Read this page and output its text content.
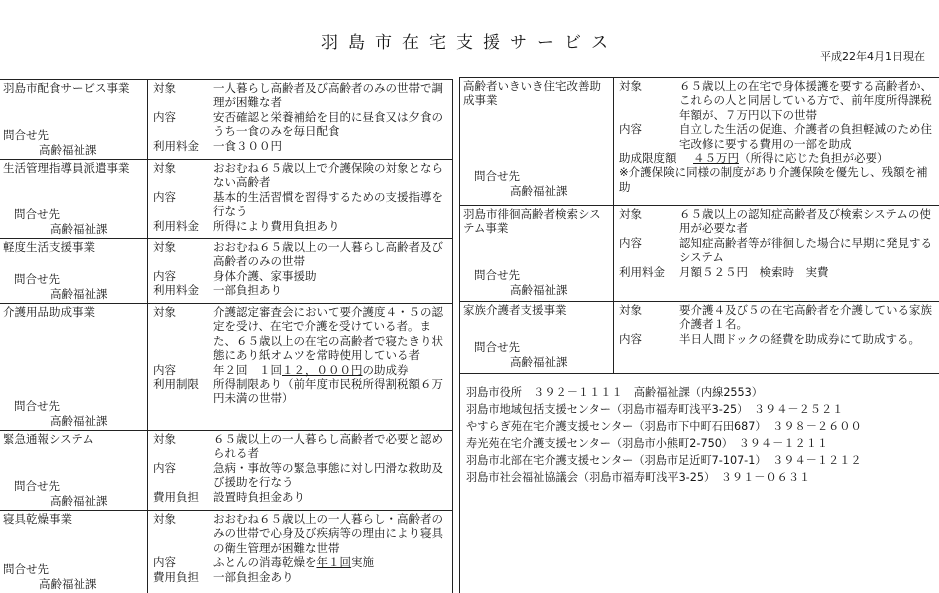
羽島市在宅支援サービス
平成22年4月1日現在
羽島市配食サービス事業
問合せ先
高齢福祉課
対象	一人暮らし高齢者及び高齢者のみの世帯で調理が困難な者
内容	安否確認と栄養補給を目的に昼食又は夕食のうち一食のみを毎日配食
利用料金	一食３００円
生活管理指導員派遣事業
問合せ先
高齢福祉課
対象	おおむね６５歳以上で介護保険の対象とならない高齢者
内容	基本的生活習慣を習得するための支援指導を行なう
利用料金	所得により費用負担あり
軽度生活支援事業
問合せ先
高齢福祉課
対象	おおむね６５歳以上の一人暮らし高齢者及び高齢者のみの世帯
内容	身体介護、家事援助
利用料金	一部負担あり
介護用品助成事業
問合せ先
高齢福祉課
対象	介護認定審査会において要介護度４・５の認定を受け、在宅で介護を受けている者。また、６５歳以上の在宅の高齢者で寝たきり状態にあり紙オムツを常時使用している者
内容	年２回　１回１２，０００円の助成券
利用制限	所得制限あり（前年度市民税所得割税額６万円未満の世帯）
緊急通報システム
問合せ先
高齢福祉課
対象	６５歳以上の一人暮らし高齢者で必要と認められる者
内容	急病・事故等の緊急事態に対し円滑な救助及び援助を行なう
費用負担	設置時負担金あり
寝具乾燥事業
問合せ先
高齢福祉課
対象	おおむね６５歳以上の一人暮らし・高齢者のみの世帯で心身及び疾病等の理由により寝具の衛生管理が困難な世帯
内容	ふとんの消毒乾燥を年１回実施
費用負担	一部負担金あり
高齢者いきいき住宅改善助成事業
問合せ先
高齢福祉課
対象	６５歳以上の在宅で身体援護を要する高齢者か、これらの人と同居している方で、前年度所得課税年額が、７万円以下の世帯
内容	自立した生活の促進、介護者の負担軽減のため住宅改修に要する費用の一部を助成
助成限度額	４５万円（所得に応じた負担が必要）
※介護保険に同様の制度があり介護保険を優先し、残額を補助
羽島市徘徊高齢者検索システム事業
問合せ先
高齢福祉課
対象	６５歳以上の認知症高齢者及び検索システムの使用が必要な者
内容	認知症高齢者等が徘徊した場合に早期に発見するシステム
利用料金	月額５２５円　検索時　実費
家族介護者支援事業
問合せ先
高齢福祉課
対象	要介護４及び５の在宅高齢者を介護している家族介護者１名。
内容	半日人間ドックの経費を助成券にて助成する。
羽島市役所　３９２－１１１１　高齢福祉課（内線2553）
羽島市地域包括支援センター（羽島市福寿町浅平3-25）　３９４－２５２１
やすらぎ苑在宅介護支援センター（羽島市下中町石田687）　３９８－２６００
寿光苑在宅介護支援センター（羽島市小熊町2-750）　３９４－１２１１
羽島市北部在宅介護支援センター（羽島市足近町7-107-1）　３９４－１２１２
羽島市社会福祉協議会（羽島市福寿町浅平3-25）　３９１－０６３１
